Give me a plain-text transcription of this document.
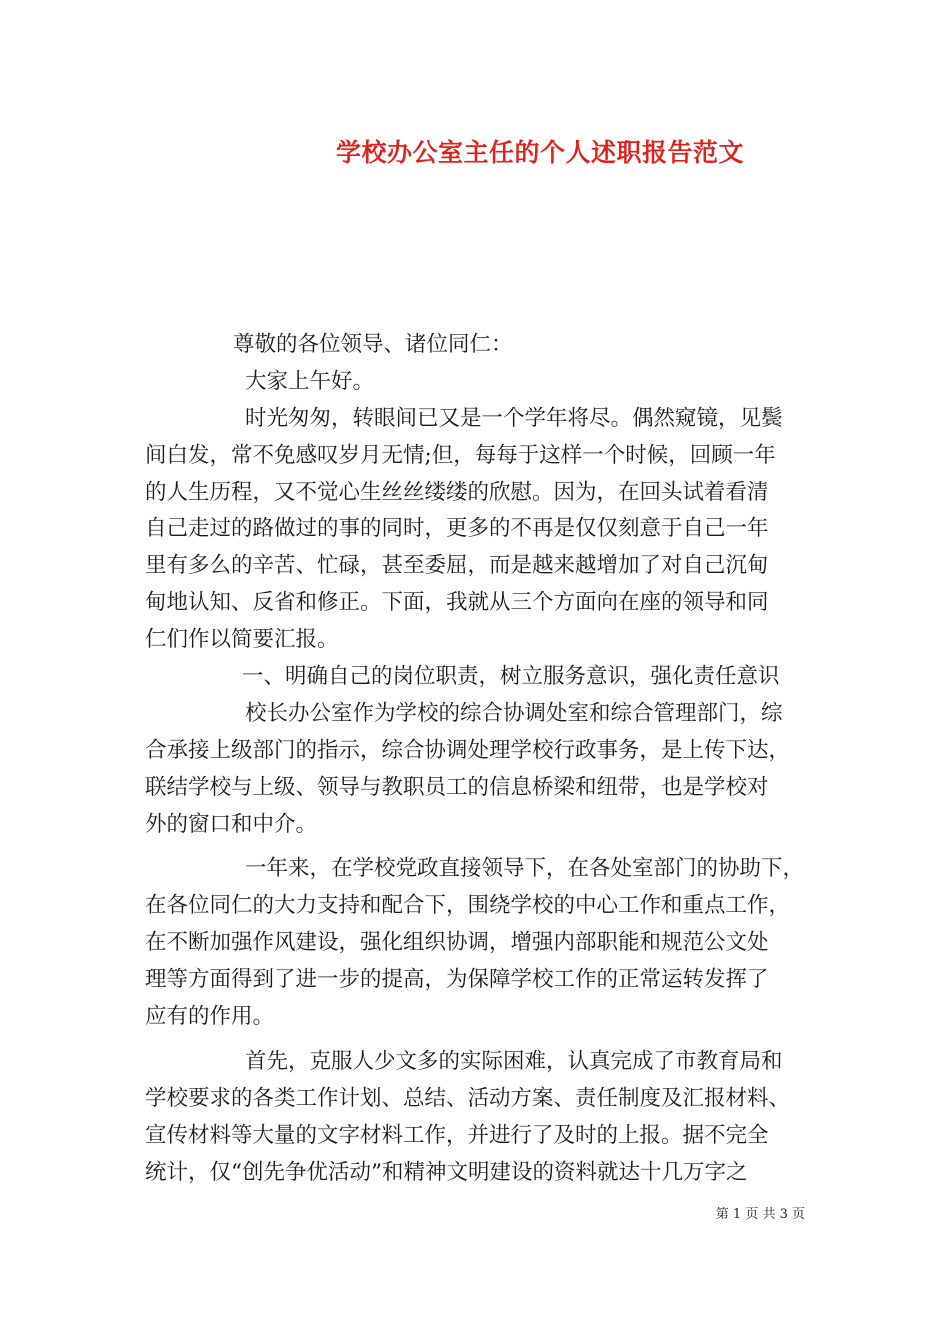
学校办公室主任的个人述职报告范文
尊敬的各位领导、诸位同仁：
大家上午好。
时光匆匆，转眼间已又是一个学年将尽。偶然窥镜，见鬓
间白发，常不免感叹岁月无情;但，每每于这样一个时候，回顾一年
的人生历程，又不觉心生丝丝缕缕的欣慰。因为，在回头试着看清
自己走过的路做过的事的同时，更多的不再是仅仅刻意于自己一年
里有多么的辛苦、忙碌，甚至委屈，而是越来越增加了对自己沉甸
甸地认知、反省和修正。下面，我就从三个方面向在座的领导和同
仁们作以简要汇报。
一、明确自己的岗位职责，树立服务意识，强化责任意识
校长办公室作为学校的综合协调处室和综合管理部门，综
合承接上级部门的指示，综合协调处理学校行政事务，是上传下达，
联结学校与上级、领导与教职员工的信息桥梁和纽带，也是学校对
外的窗口和中介。
一年来，在学校党政直接领导下，在各处室部门的协助下，
在各位同仁的大力支持和配合下，围绕学校的中心工作和重点工作，
在不断加强作风建设，强化组织协调，增强内部职能和规范公文处
理等方面得到了进一步的提高，为保障学校工作的正常运转发挥了
应有的作用。
首先，克服人少文多的实际困难，认真完成了市教育局和
学校要求的各类工作计划、总结、活动方案、责任制度及汇报材料、
宣传材料等大量的文字材料工作，并进行了及时的上报。据不完全
统计，仅“创先争优活动”和精神文明建设的资料就达十几万字之
第 1 页 共 3 页
